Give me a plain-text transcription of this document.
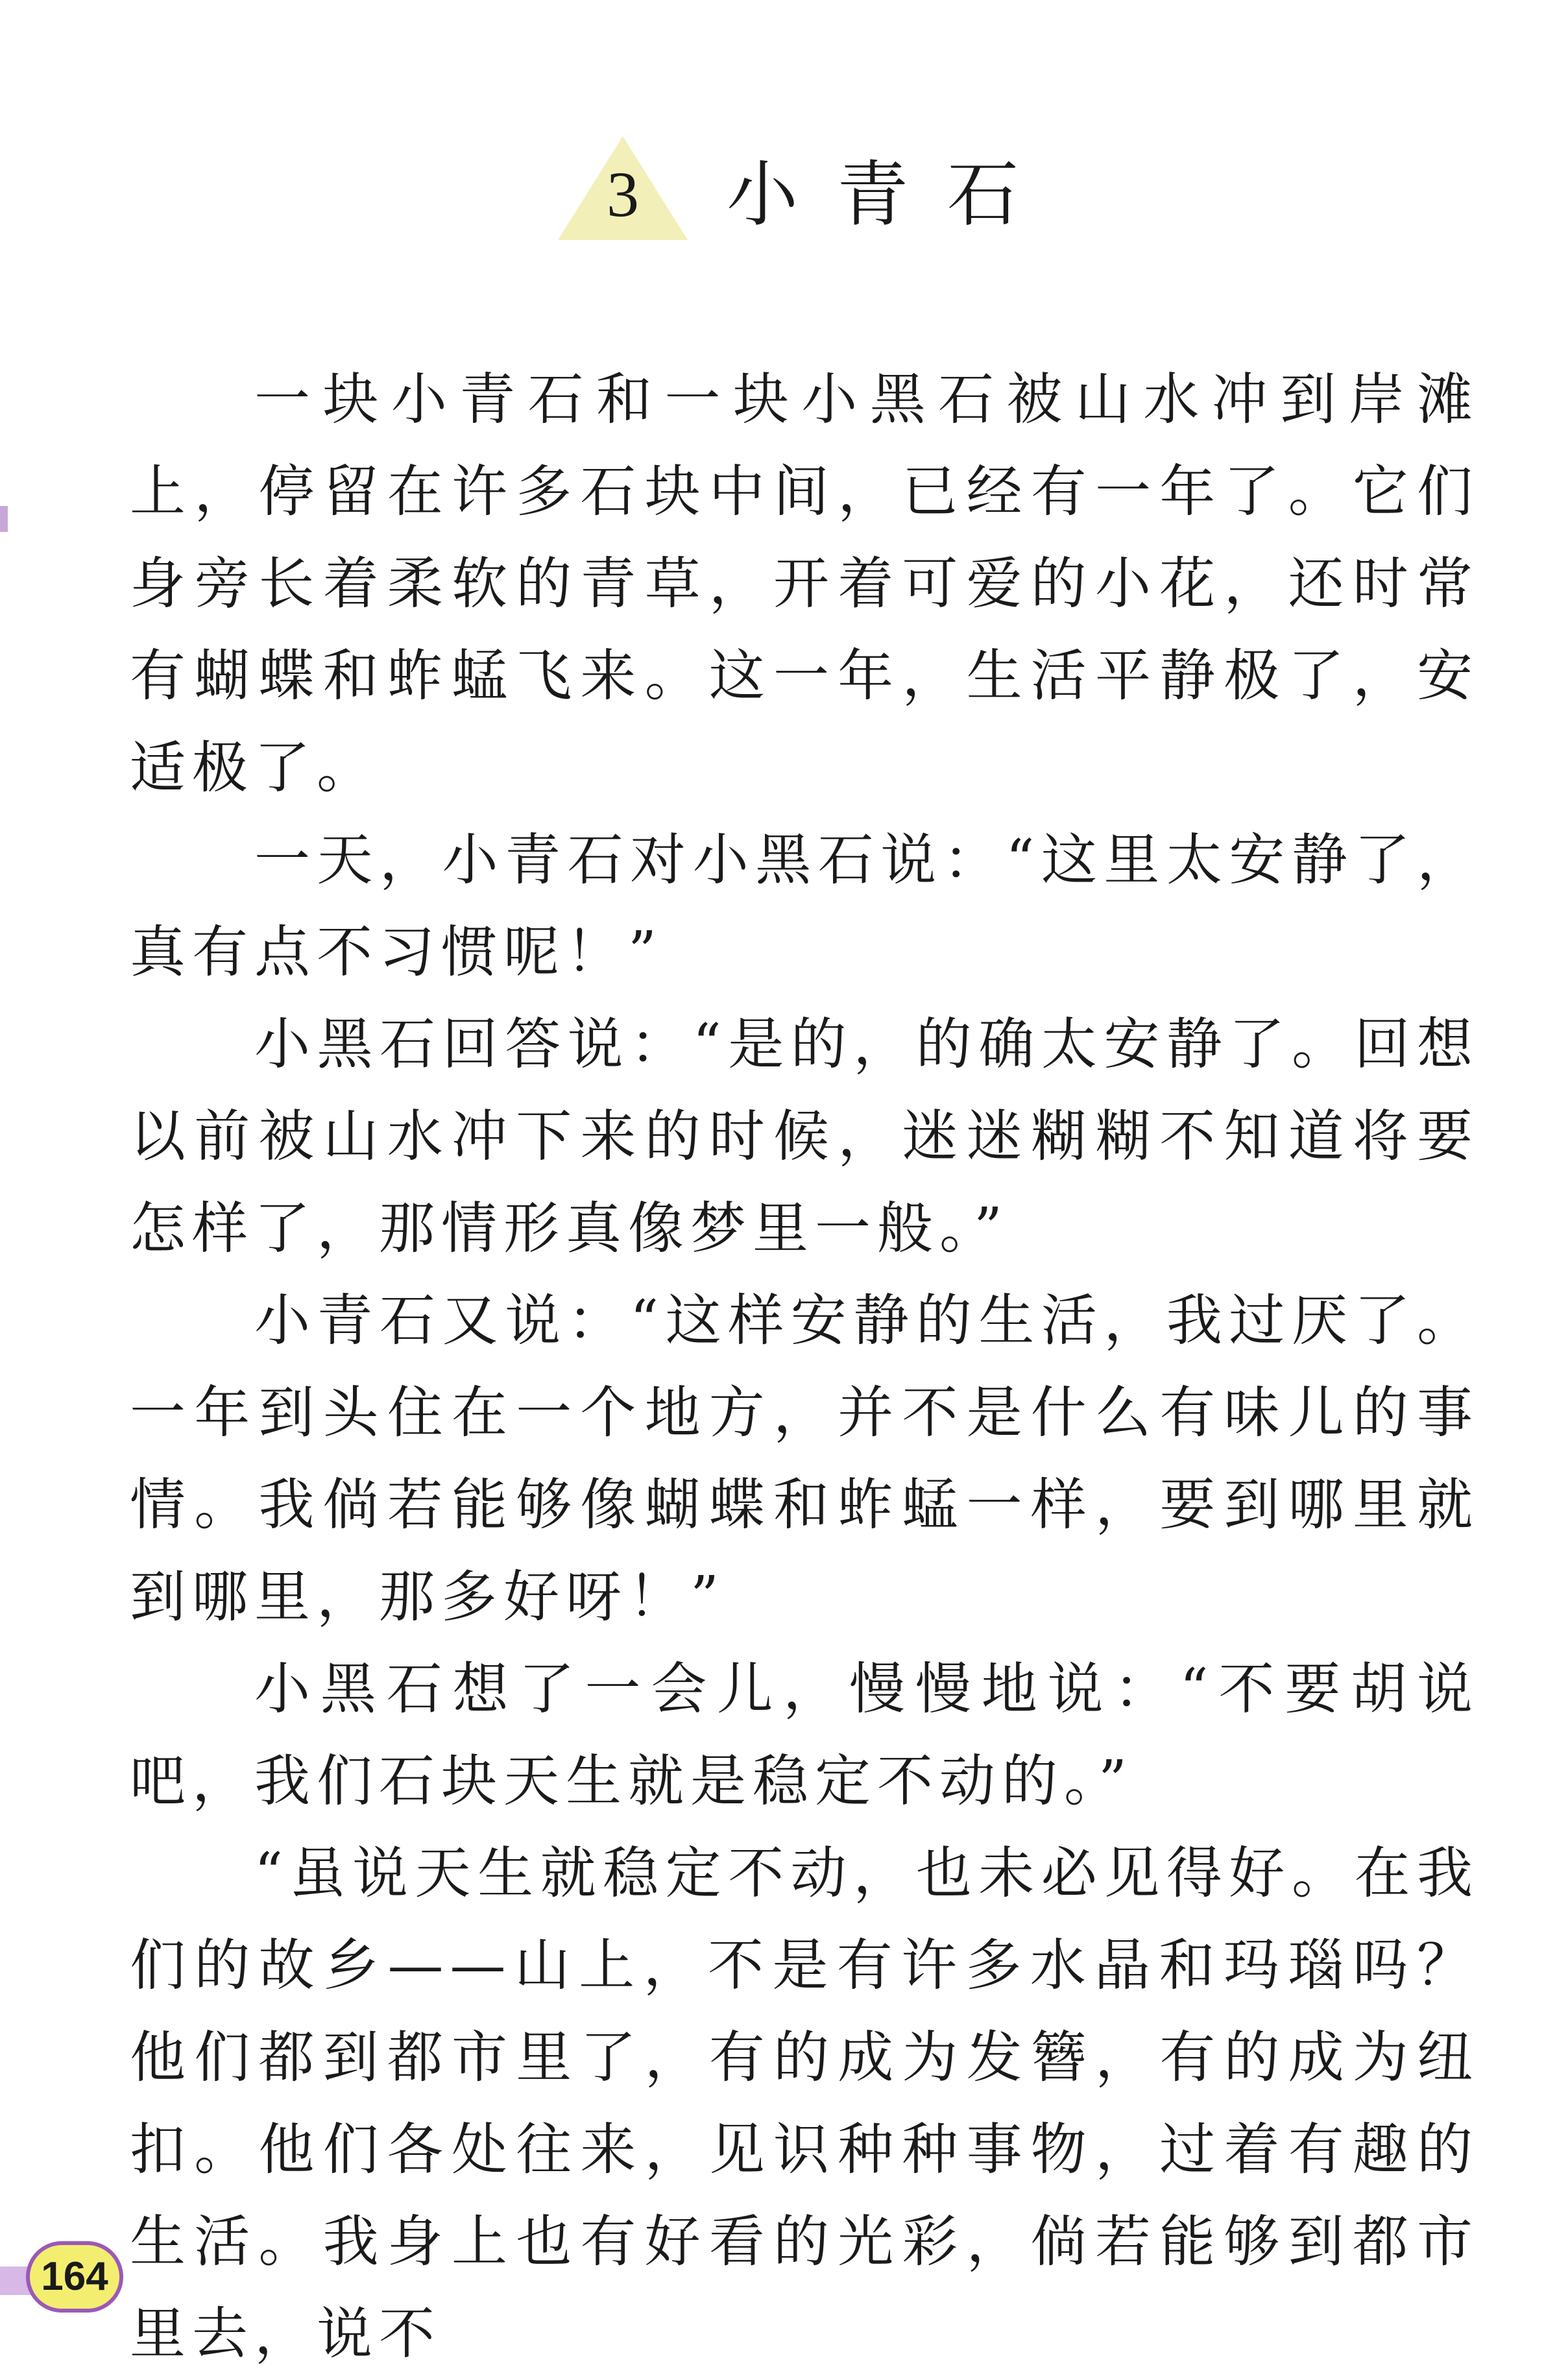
3 小青石

一块小青石和一块小黑石被山水冲到岸滩上，停留在许多石块中间，已经有一年了。它们身旁长着柔软的青草，开着可爱的小花，还时常有蝴蝶和蚱蜢飞来。这一年，生活平静极了，安适极了。

一天，小青石对小黑石说：“这里太安静了，真有点不习惯呢！”

小黑石回答说：“是的，的确太安静了。回想以前被山水冲下来的时候，迷迷糊糊不知道将要怎样了，那情形真像梦里一般。”

小青石又说：“这样安静的生活，我过厌了。一年到头住在一个地方，并不是什么有味儿的事情。我倘若能够像蝴蝶和蚱蜢一样，要到哪里就到哪里，那多好呀！”

小黑石想了一会儿，慢慢地说：“不要胡说吧，我们石块天生就是稳定不动的。”

“虽说天生就稳定不动，也未必见得好。在我们的故乡——山上，不是有许多水晶和玛瑙吗？他们都到都市里了，有的成为发簪，有的成为纽扣。他们各处往来，见识种种事物，过着有趣的生活。我身上也有好看的光彩，倘若能够到都市里去，说不

164
